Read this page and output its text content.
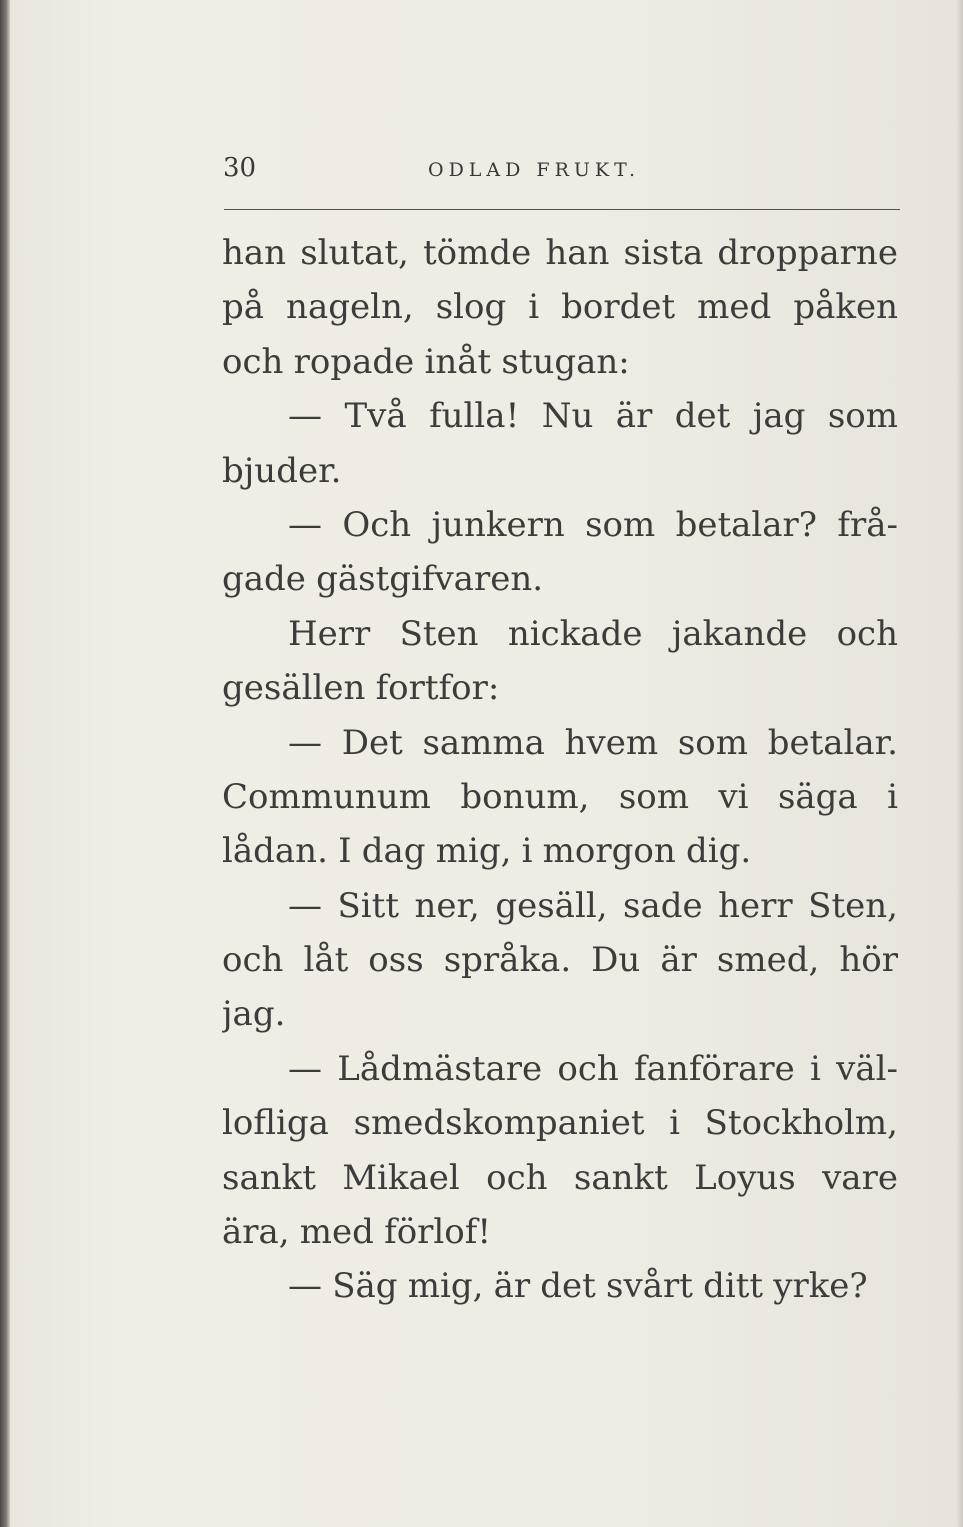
30	ODLAD FRUKT.
han slutat, tömde han sista dropparne
på nageln, slog i bordet med påken
och ropade inåt stugan:
— Två fulla! Nu är det jag som
bjuder.
— Och junkern som betalar? frå-
gade gästgifvaren.
Herr Sten nickade jakande och
gesällen fortfor:
— Det samma hvem som betalar.
Communum bonum, som vi säga i
lådan. I dag mig, i morgon dig.
— Sitt ner, gesäll, sade herr Sten,
och låt oss språka. Du är smed, hör
jag.
— Lådmästare och fanförare i väl-
lofliga smedskompaniet i Stockholm,
sankt Mikael och sankt Loyus vare
ära, med förlof!
— Säg mig, är det svårt ditt yrke?
